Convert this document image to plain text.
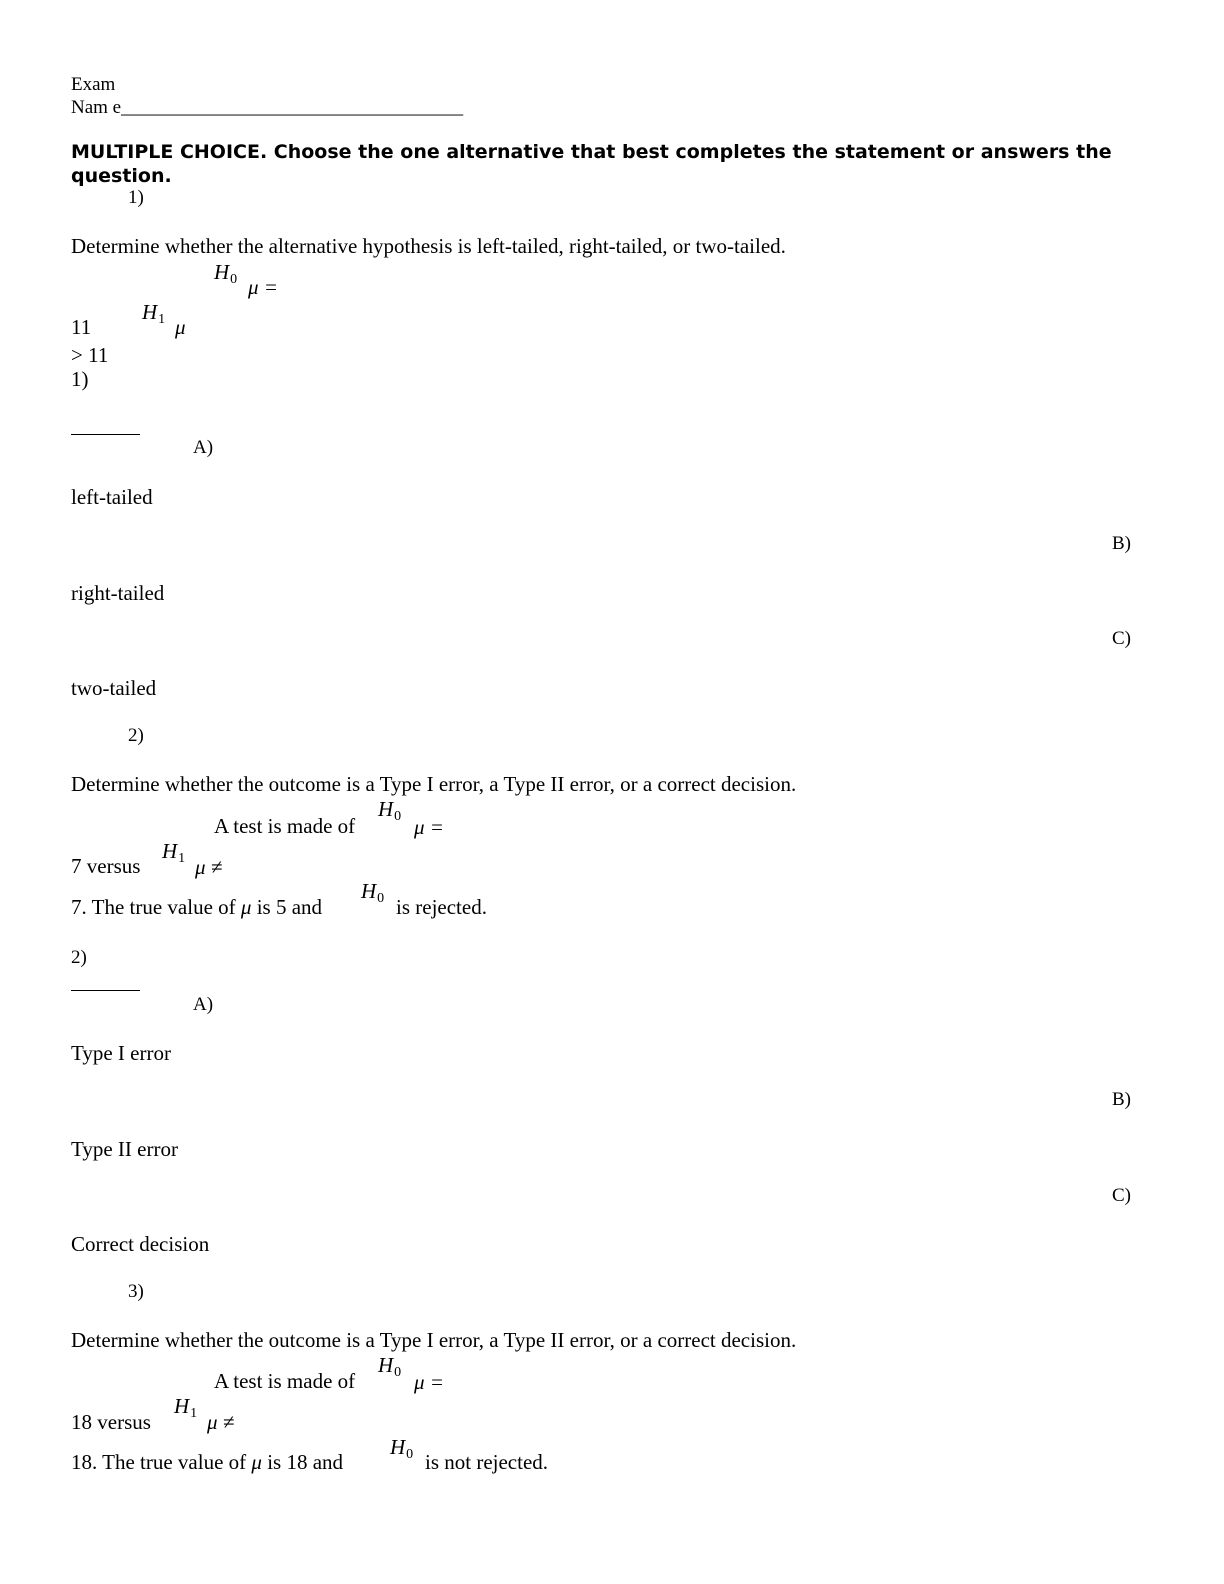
Exam
Nam e____________________________________
MULTIPLE CHOICE. Choose the one alternative that best completes the statement or answers the question.
1)
Determine whether the alternative hypothesis is left-tailed, right-tailed, or two-tailed.
$H_0$ μ =
11
$H_1$ μ
> 11
1)
A)
left-tailed
B)
right-tailed
C)
two-tailed
2)
Determine whether the outcome is a Type I error, a Type II error, or a correct decision.
A test is made of
$H_0$ μ =
7 versus
$H_1$ μ ≠
7. The true value of μ is 5 and
$H_0$ is rejected.
2)
A)
Type I error
B)
Type II error
C)
Correct decision
3)
Determine whether the outcome is a Type I error, a Type II error, or a correct decision.
A test is made of
$H_0$ μ =
18 versus
$H_1$ μ ≠
18. The true value of μ is 18 and
$H_0$ is not rejected.
